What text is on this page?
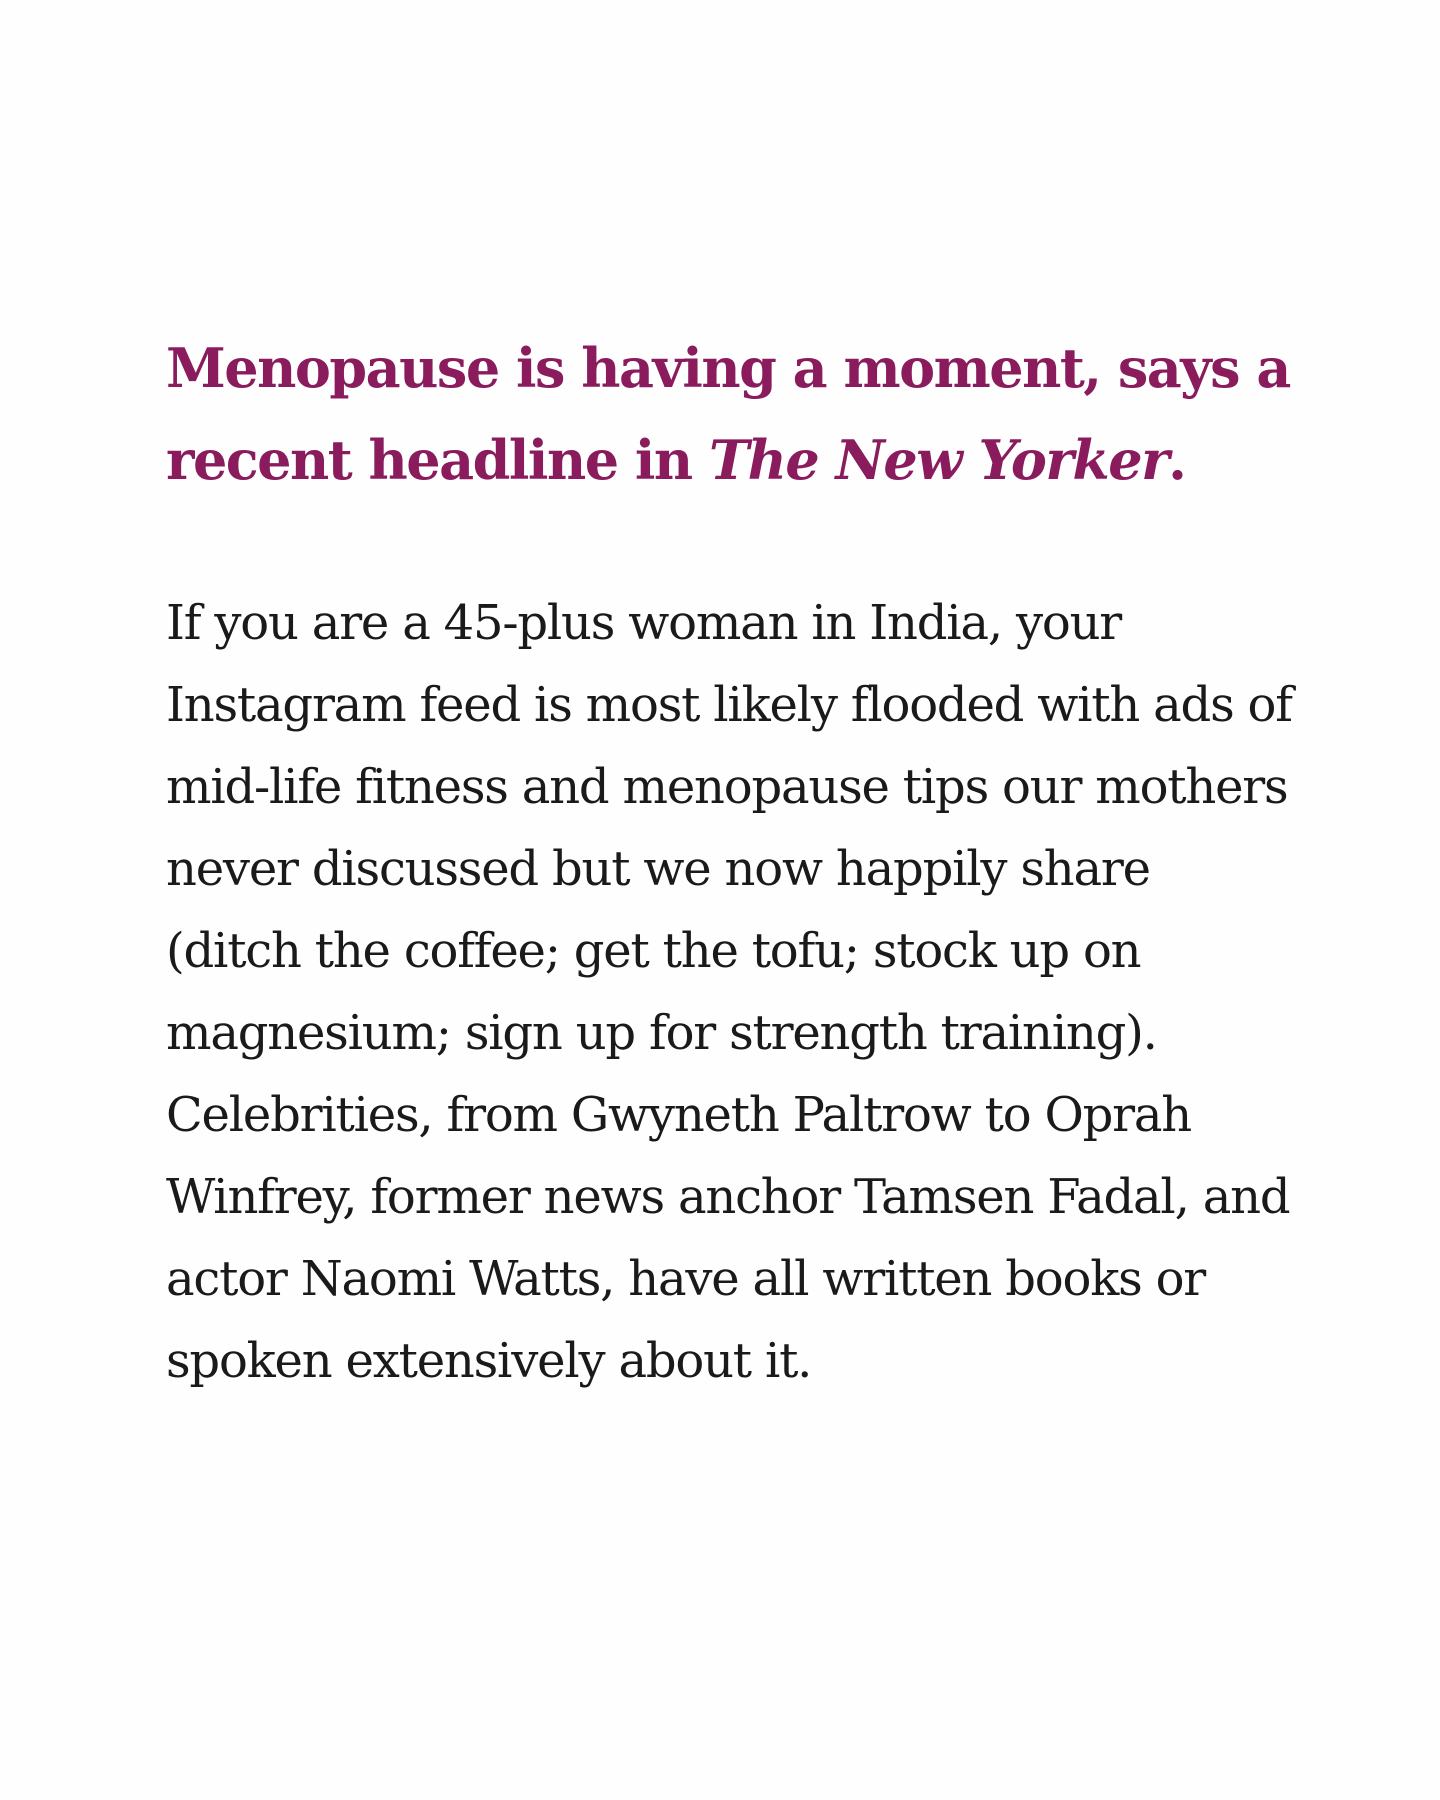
Menopause is having a moment, says a recent headline in The New Yorker.

If you are a 45-plus woman in India, your Instagram feed is most likely flooded with ads of mid-life fitness and menopause tips our mothers never discussed but we now happily share (ditch the coffee; get the tofu; stock up on magnesium; sign up for strength training). Celebrities, from Gwyneth Paltrow to Oprah Winfrey, former news anchor Tamsen Fadal, and actor Naomi Watts, have all written books or spoken extensively about it.
